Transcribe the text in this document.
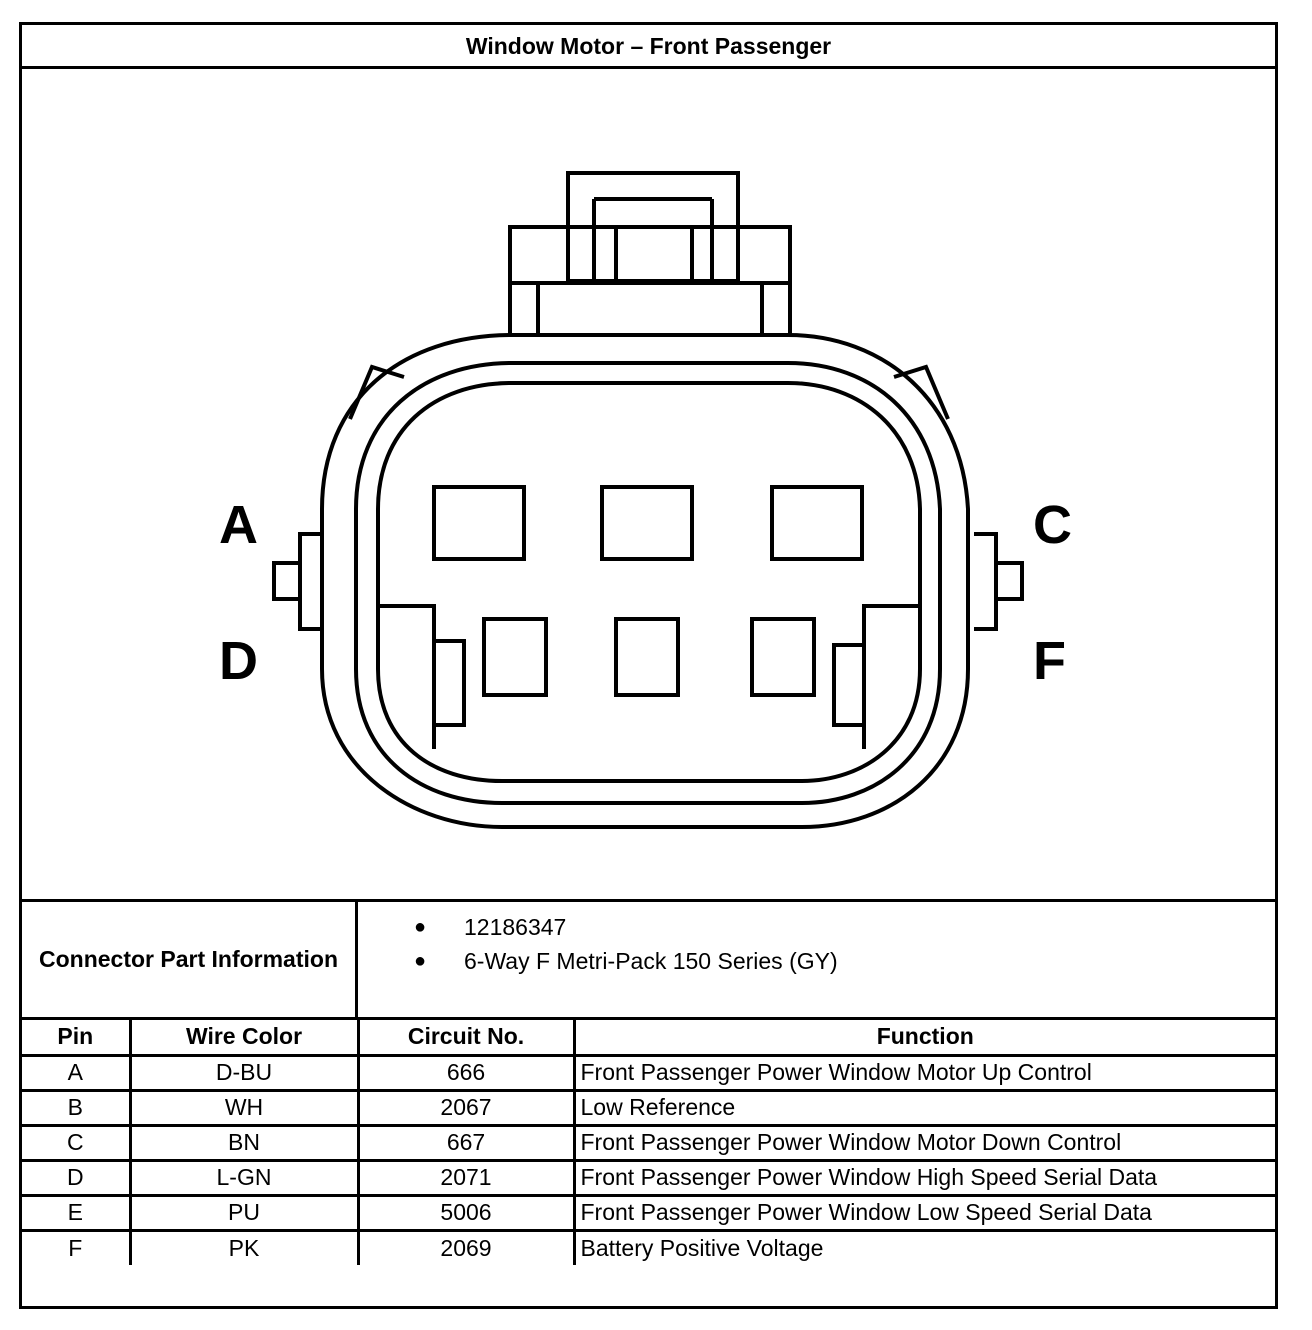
Window Motor – Front Passenger
A
D
C
F
Connector Part Information
● 12186347
● 6-Way F Metri-Pack 150 Series (GY)
Pin	Wire Color	Circuit No.	Function
A	D-BU	666	Front Passenger Power Window Motor Up Control
B	WH	2067	Low Reference
C	BN	667	Front Passenger Power Window Motor Down Control
D	L-GN	2071	Front Passenger Power Window High Speed Serial Data
E	PU	5006	Front Passenger Power Window Low Speed Serial Data
F	PK	2069	Battery Positive Voltage
